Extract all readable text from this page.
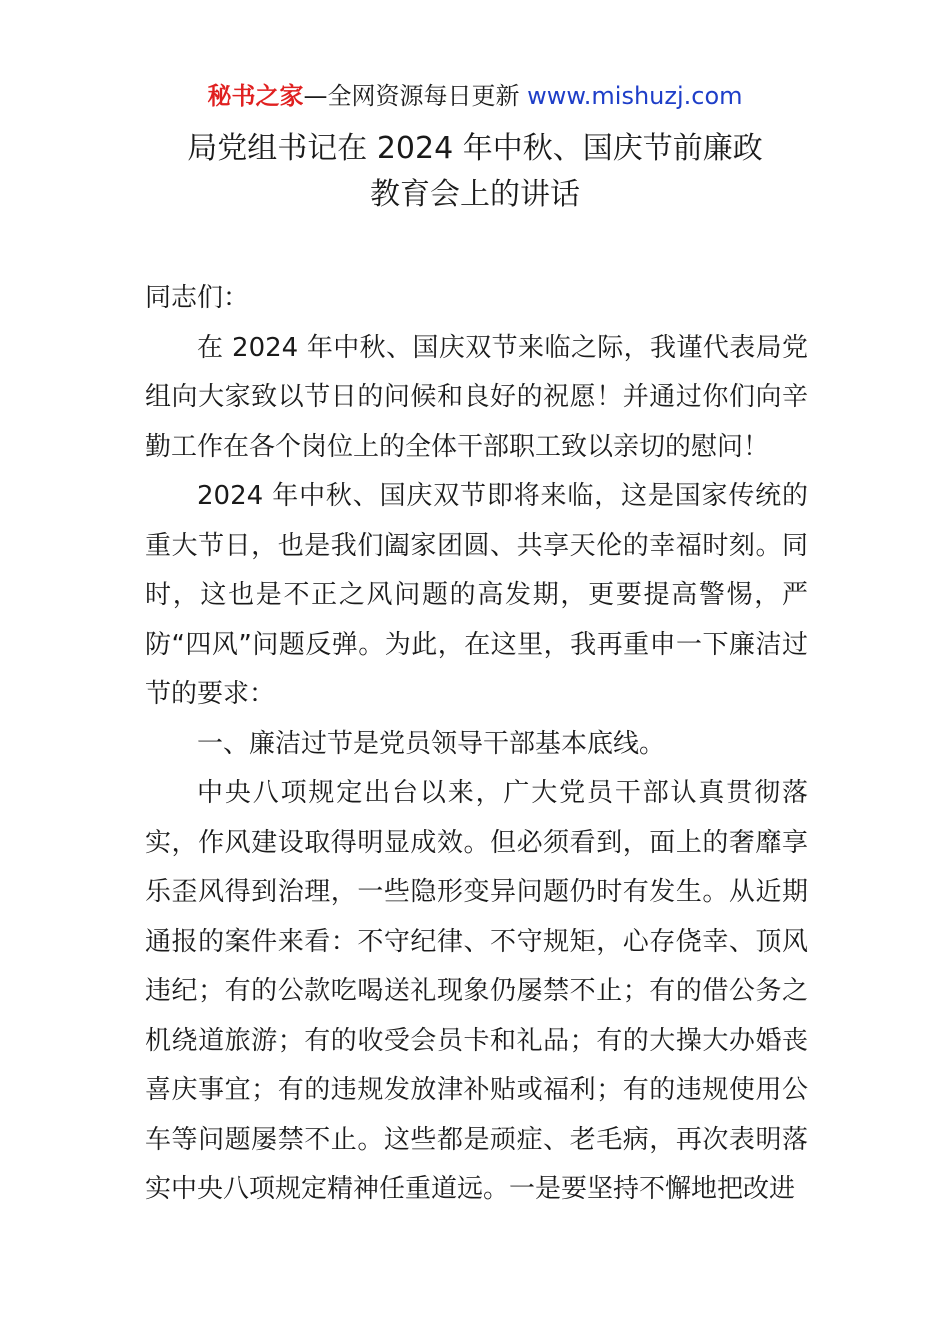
秘书之家—全网资源每日更新 www.mishuzj.com
局党组书记在 2024 年中秋、国庆节前廉政
教育会上的讲话

同志们：

在 2024 年中秋、国庆双节来临之际，我谨代表局党组向大家致以节日的问候和良好的祝愿！并通过你们向辛勤工作在各个岗位上的全体干部职工致以亲切的慰问！

2024 年中秋、国庆双节即将来临，这是国家传统的重大节日，也是我们阖家团圆、共享天伦的幸福时刻。同时，这也是不正之风问题的高发期，更要提高警惕，严防“四风”问题反弹。为此，在这里，我再重申一下廉洁过节的要求：

一、廉洁过节是党员领导干部基本底线。

中央八项规定出台以来，广大党员干部认真贯彻落实，作风建设取得明显成效。但必须看到，面上的奢靡享乐歪风得到治理，一些隐形变异问题仍时有发生。从近期通报的案件来看：不守纪律、不守规矩，心存侥幸、顶风违纪；有的公款吃喝送礼现象仍屡禁不止；有的借公务之机绕道旅游；有的收受会员卡和礼品；有的大操大办婚丧喜庆事宜；有的违规发放津补贴或福利；有的违规使用公车等问题屡禁不止。这些都是顽症、老毛病，再次表明落实中央八项规定精神任重道远。一是要坚持不懈地把改进
